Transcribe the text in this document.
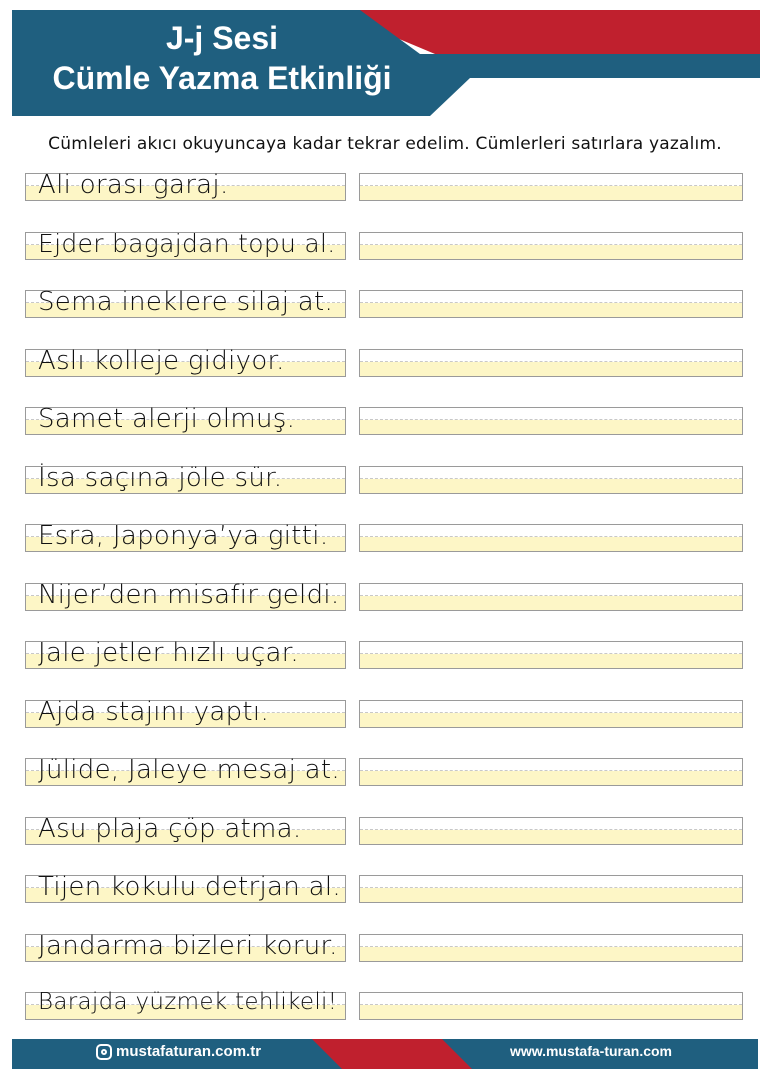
J-j Sesi
Cümle Yazma Etkinliği
Cümleleri akıcı okuyuncaya kadar tekrar edelim. Cümlerleri satırlara yazalım.
Ali orası garaj.
Ejder bagajdan topu al.
Sema ineklere silaj at.
Aslı kolleje gidiyor.
Samet alerji olmuş.
İsa saçına jöle sür.
Esra, Japonya’ya gitti.
Nijer’den misafir geldi.
Jale jetler hızlı uçar.
Ajda stajını yaptı.
Jülide, Jaleye mesaj at.
Asu plaja çöp atma.
Tijen kokulu detrjan al.
Jandarma bizleri korur.
Barajda yüzmek tehlikeli!
mustafaturan.com.tr	www.mustafa-turan.com
